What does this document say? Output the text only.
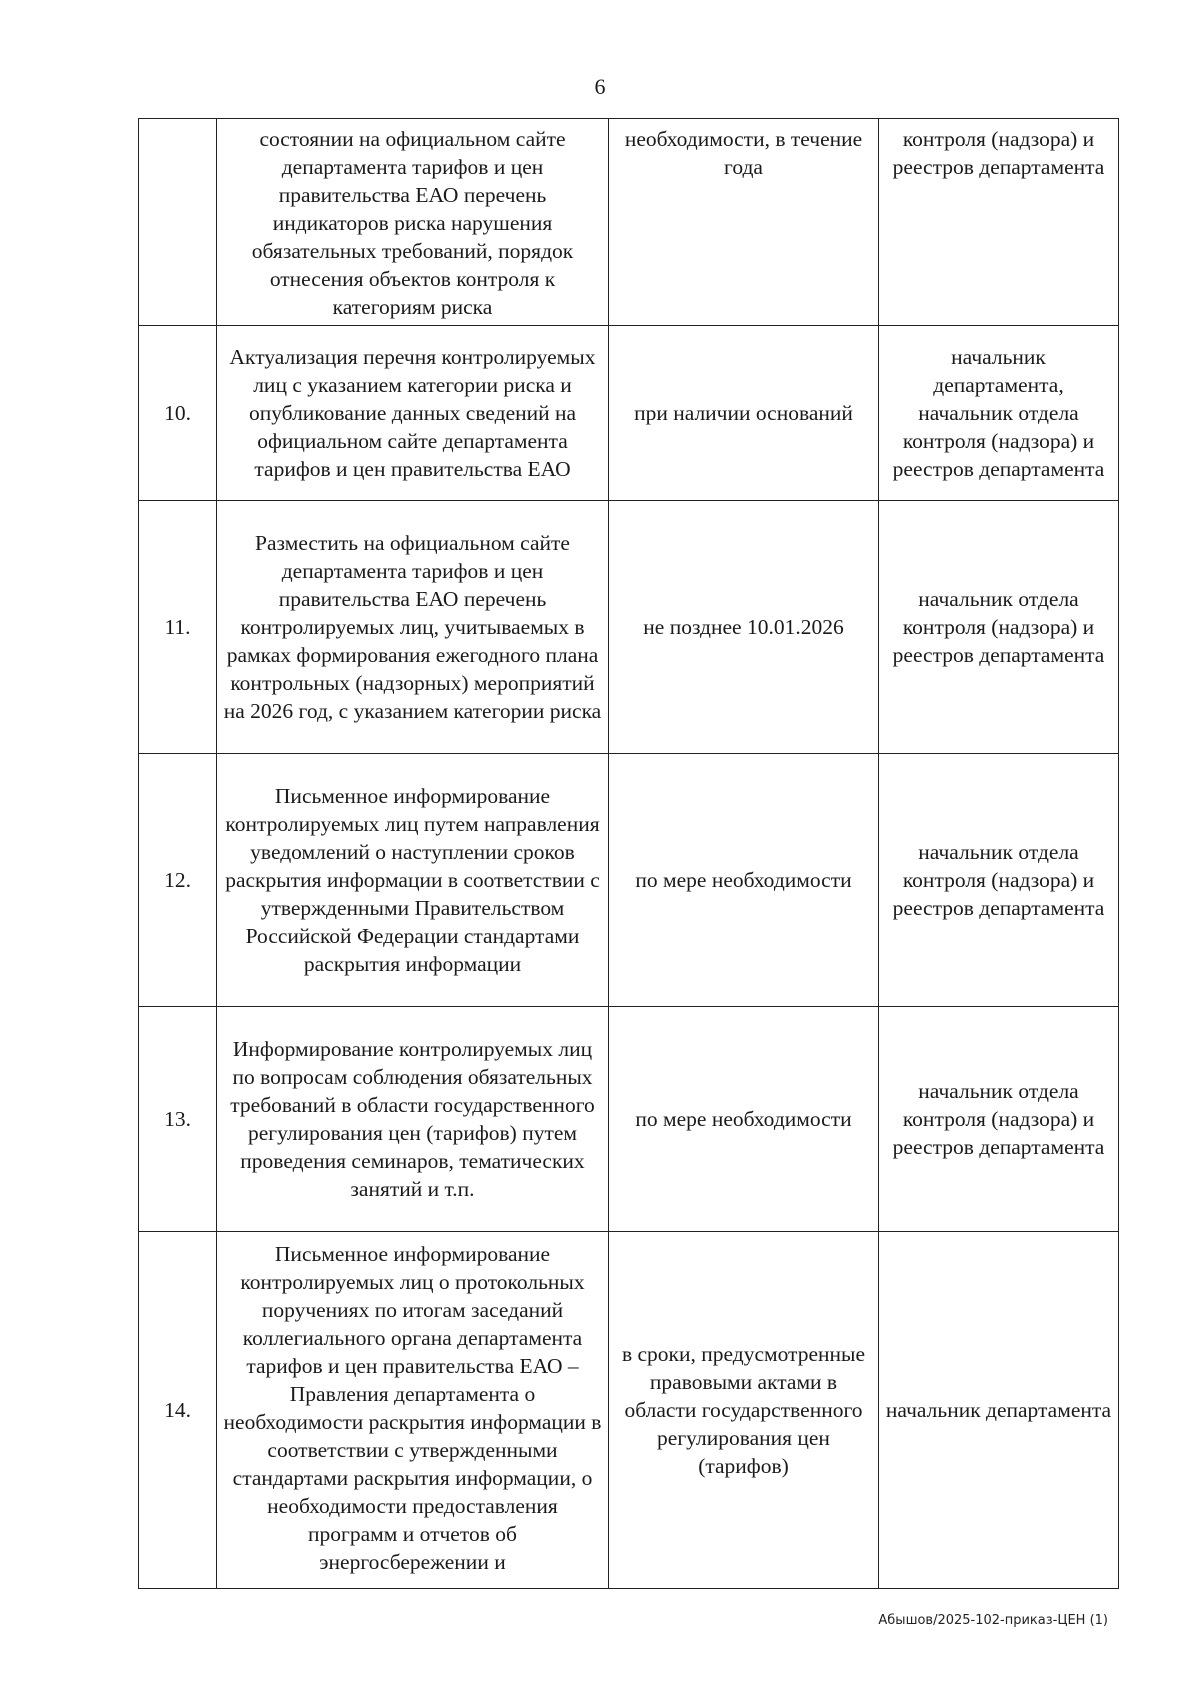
6
	состоянии на официальном сайте департамента тарифов и цен правительства ЕАО перечень индикаторов риска нарушения обязательных требований, порядок отнесения объектов контроля к категориям риска	необходимости, в течение года	контроля (надзора) и реестров департамента
10.	Актуализация перечня контролируемых лиц с указанием категории риска и опубликование данных сведений на официальном сайте департамента тарифов и цен правительства ЕАО	при наличии оснований	начальник департамента, начальник отдела контроля (надзора) и реестров департамента
11.	Разместить на официальном сайте департамента тарифов и цен правительства ЕАО перечень контролируемых лиц, учитываемых в рамках формирования ежегодного плана контрольных (надзорных) мероприятий на 2026 год, с указанием категории риска	не позднее 10.01.2026	начальник отдела контроля (надзора) и реестров департамента
12.	Письменное информирование контролируемых лиц путем направления уведомлений о наступлении сроков раскрытия информации в соответствии с утвержденными Правительством Российской Федерации стандартами раскрытия информации	по мере необходимости	начальник отдела контроля (надзора) и реестров департамента
13.	Информирование контролируемых лиц по вопросам соблюдения обязательных требований в области государственного регулирования цен (тарифов) путем проведения семинаров, тематических занятий и т.п.	по мере необходимости	начальник отдела контроля (надзора) и реестров департамента
14.	Письменное информирование контролируемых лиц о протокольных поручениях по итогам заседаний коллегиального органа департамента тарифов и цен правительства ЕАО – Правления департамента о необходимости раскрытия информации в соответствии с утвержденными стандартами раскрытия информации, о необходимости предоставления программ и отчетов об энергосбережении и	в сроки, предусмотренные правовыми актами в области государственного регулирования цен (тарифов)	начальник департамента
Абышов/2025-102-приказ-ЦЕН (1)
